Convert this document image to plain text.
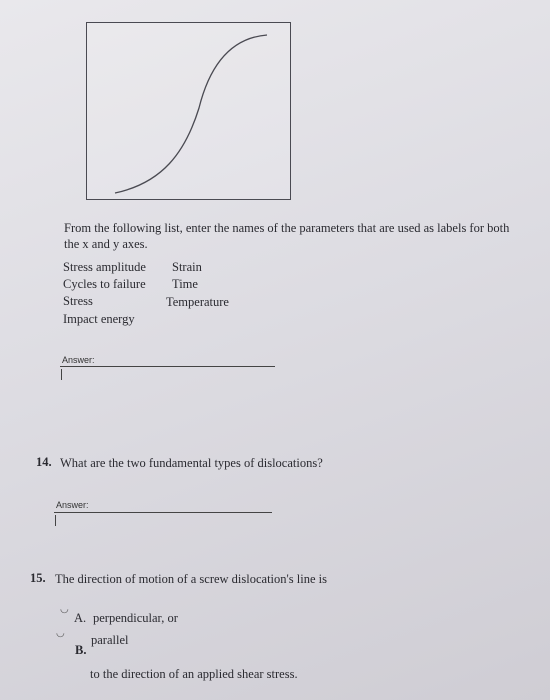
From the following list, enter the names of the parameters that are used as labels for both
the x and y axes.
Stress amplitude
Cycles to failure
Stress
Impact energy
Strain
Time
Temperature
Answer:
14. What are the two fundamental types of dislocations?
Answer:
15. The direction of motion of a screw dislocation's line is
◡
A. perpendicular, or
◡
B.
parallel
to the direction of an applied shear stress.
